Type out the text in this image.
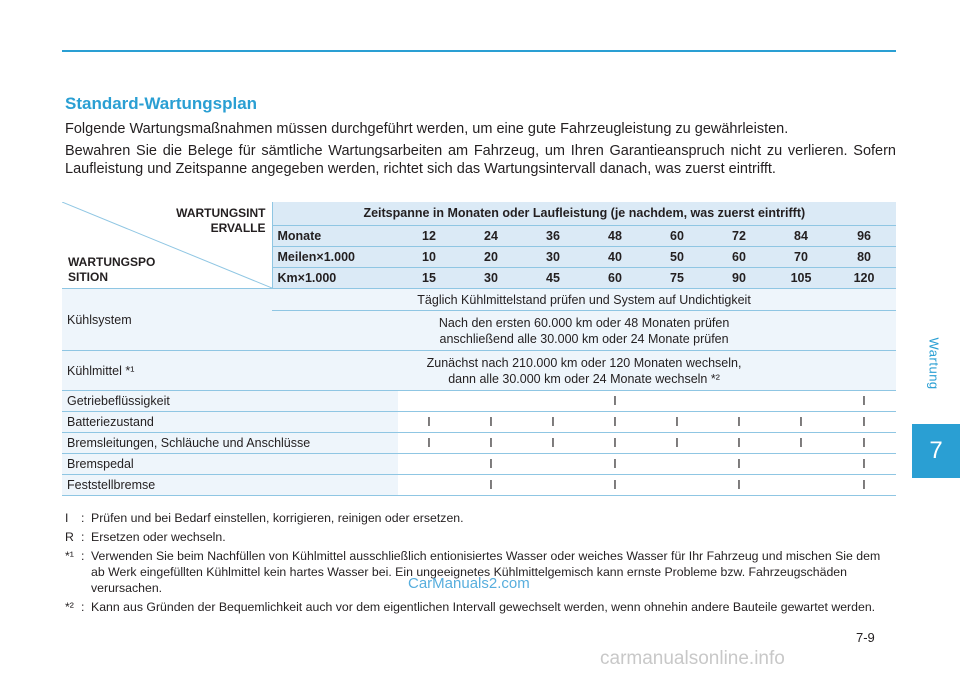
Wartung
7
Standard-Wartungsplan

Folgende Wartungsmaßnahmen müssen durchgeführt werden, um eine gute Fahrzeugleistung zu gewährleisten.

Bewahren Sie die Belege für sämtliche Wartungsarbeiten am Fahrzeug, um Ihren Garantieanspruch nicht zu verlieren. Sofern Laufleistung und Zeitspanne angegeben werden, richtet sich das Wartungsintervall danach, was zuerst eintrifft.

WARTUNGSINT
ERVALLE
WARTUNGSPO
SITION	Zeitspanne in Monaten oder Laufleistung (je nachdem, was zuerst eintrifft)								
	Monate	12	24	36	48	60	72	84	96
	Meilen×1.000	10	20	30	40	50	60	70	80
	Km×1.000	15	30	45	60	75	90	105	120
Kühlsystem	Täglich Kühlmittelstand prüfen und System auf Undichtigkeit								

	Nach den ersten 60.000 km oder 48 Monaten prüfen
anschließend alle 30.000 km oder 24 Monate prüfen								

Kühlmittel *¹	Zunächst nach 210.000 km oder 120 Monaten wechseln,
dann alle 30.000 km oder 24 Monate wechseln *²								

Getriebeflüssigkeit					I				I
Batteriezustand		I	I	I	I	I	I	I	I
Bremsleitungen, Schläuche und Anschlüsse		I	I	I	I	I	I	I	I
Bremspedal			I		I		I		I
Feststellbremse			I		I		I		I
I	: Prüfen und bei Bedarf einstellen, korrigieren, reinigen oder ersetzen.
R : Ersetzen oder wechseln.
*¹ : Verwenden Sie beim Nachfüllen von Kühlmittel ausschließlich entionisiertes Wasser oder weiches Wasser für Ihr Fahrzeug und mischen Sie dem ab Werk eingefüllten Kühlmittel kein hartes Wasser bei. Ein ungeeignetes Kühlmittelgemisch kann ernste Probleme bzw. Fahrzeugschäden verursachen.
*² : Kann aus Gründen der Bequemlichkeit auch vor dem eigentlichen Intervall gewechselt werden, wenn ohnehin andere Bauteile gewartet werden.
CarManuals2.com
7-9
carmanualsonline.info
